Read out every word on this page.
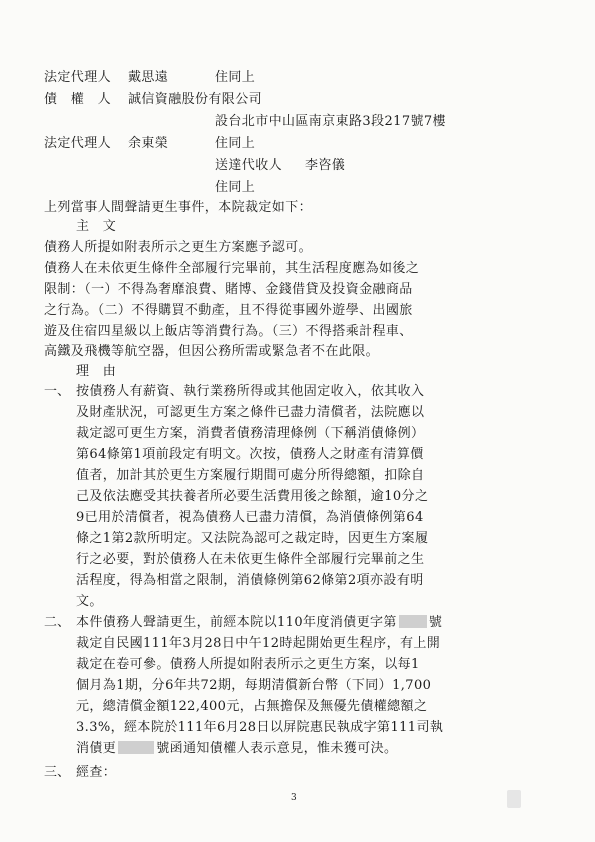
法定代理人 戴思遠	住同上
債　權　人 誠信資融股份有限公司
設台北市中山區南京東路3段217號7樓
法定代理人 余東榮	住同上
送達代收人 李咨儀
住同上
上列當事人間聲請更生事件，本院裁定如下：
主　文
債務人所提如附表所示之更生方案應予認可。
債務人在未依更生條件全部履行完畢前，其生活程度應為如後之
限制：（一）不得為奢靡浪費、賭博、金錢借貸及投資金融商品
之行為。（二）不得購買不動產，且不得從事國外遊學、出國旅
遊及住宿四星級以上飯店等消費行為。（三）不得搭乘計程車、
高鐵及飛機等航空器，但因公務所需或緊急者不在此限。
理　由
一、 按債務人有薪資、執行業務所得或其他固定收入，依其收入
及財產狀況，可認更生方案之條件已盡力清償者，法院應以
裁定認可更生方案，消費者債務清理條例（下稱消債條例）
第64條第1項前段定有明文。次按，債務人之財產有清算價
值者，加計其於更生方案履行期間可處分所得總額，扣除自
己及依法應受其扶養者所必要生活費用後之餘額，逾10分之
9已用於清償者，視為債務人已盡力清償，為消債條例第64
條之1第2款所明定。又法院為認可之裁定時，因更生方案履
行之必要，對於債務人在未依更生條件全部履行完畢前之生
活程度，得為相當之限制，消債條例第62條第2項亦設有明
文。
二、 本件債務人聲請更生，前經本院以110年度消債更字第 號
裁定自民國111年3月28日中午12時起開始更生程序，有上開
裁定在卷可參。債務人所提如附表所示之更生方案，以每1
個月為1期，分6年共72期，每期清償新台幣（下同）1,700
元，總清償金額122,400元，占無擔保及無優先債權總額之
3.3%，經本院於111年6月28日以屏院惠民執成字第111司執
消債更	號函通知債權人表示意見，惟未獲可決。
三、 經查：
3
